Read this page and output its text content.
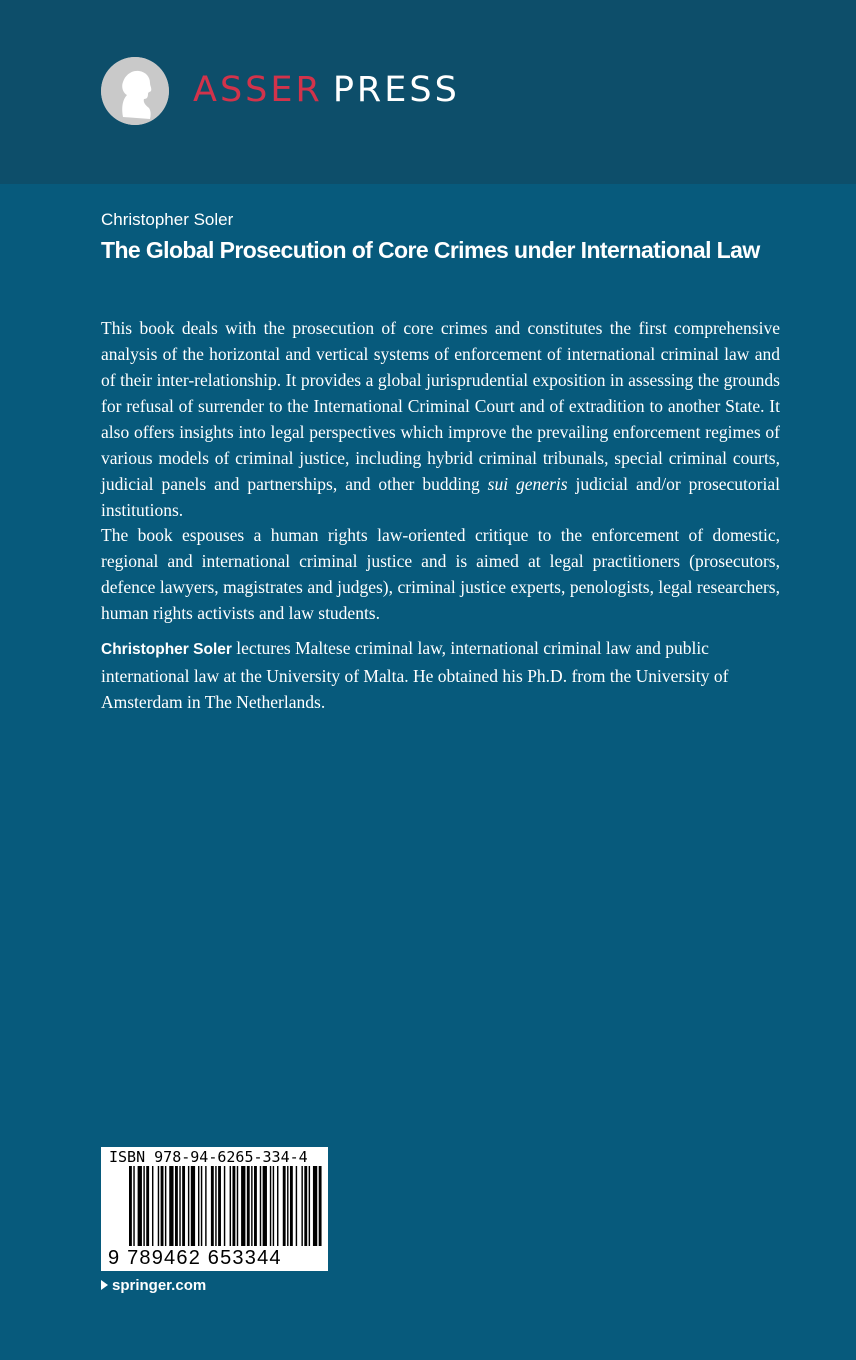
ASSER PRESS
Christopher Soler
The Global Prosecution of Core Crimes under International Law

This book deals with the prosecution of core crimes and constitutes the first comprehensive analysis of the horizontal and vertical systems of enforcement of international criminal law and of their inter-relationship. It provides a global jurisprudential exposition in assessing the grounds for refusal of surrender to the International Criminal Court and of extradition to another State. It also offers insights into legal perspectives which improve the prevailing enforcement regimes of various models of criminal justice, including hybrid criminal tribunals, special criminal courts, judicial panels and partnerships, and other budding sui generis judicial and/or prosecutorial institutions.

The book espouses a human rights law-oriented critique to the enforcement of domestic, regional and international criminal justice and is aimed at legal practitioners (prosecutors, defence lawyers, magistrates and judges), criminal justice experts, penologists, legal researchers, human rights activists and law students.

Christopher Soler lectures Maltese criminal law, international criminal law and public international law at the University of Malta. He obtained his Ph.D. from the University of Amsterdam in The Netherlands.

ISBN 978-94-6265-334-4
9 789462 653344
springer.com
